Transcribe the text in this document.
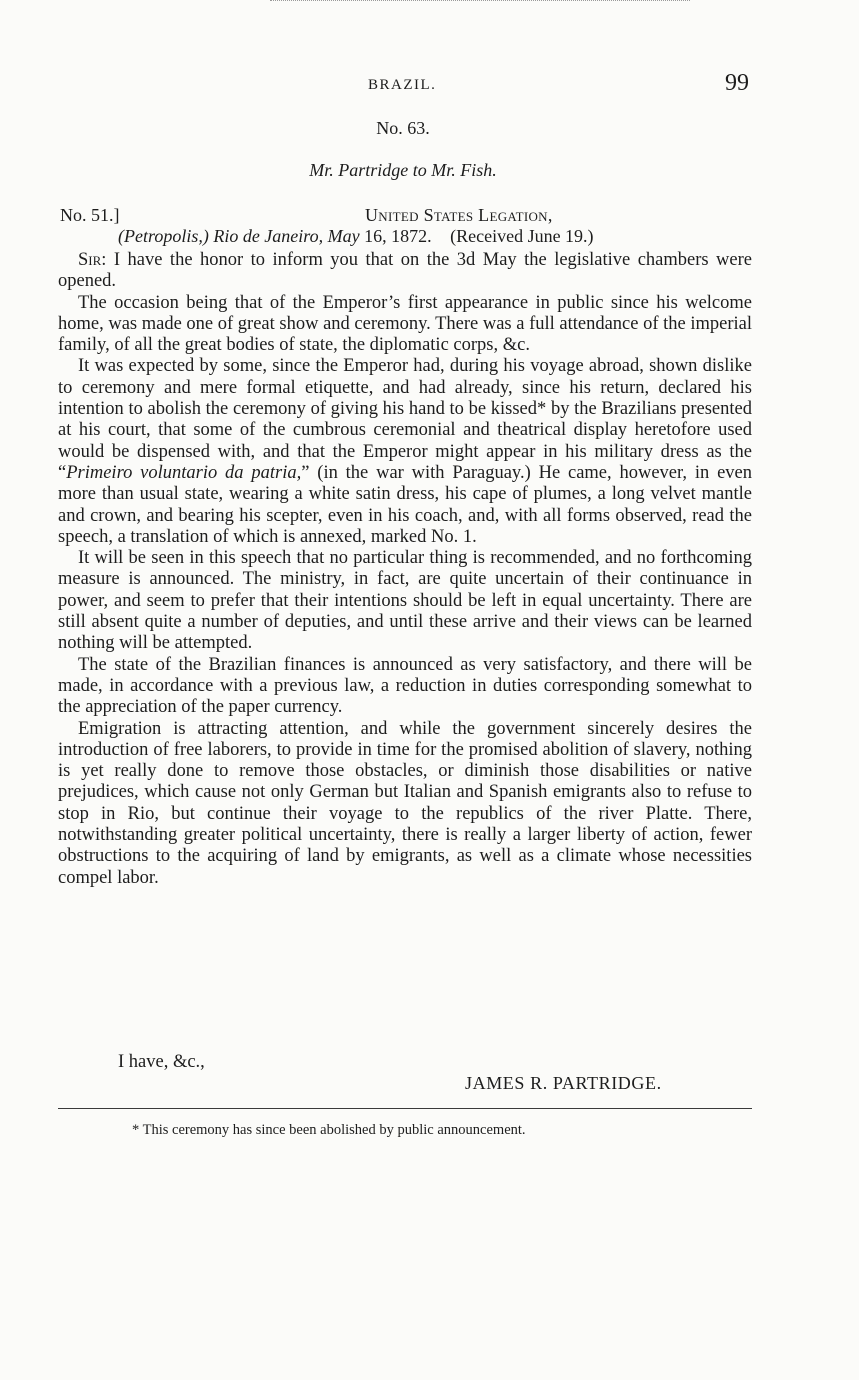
BRAZIL.	99
No. 63.
Mr. Partridge to Mr. Fish.
No. 51.]	United States Legation,
(Petropolis,) Rio de Janeiro, May 16, 1872. (Received June 19.)

Sir: I have the honor to inform you that on the 3d May the legislative chambers were opened.

The occasion being that of the Emperor’s first appearance in public since his welcome home, was made one of great show and ceremony. There was a full attendance of the imperial family, of all the great bodies of state, the diplomatic corps, &c.

It was expected by some, since the Emperor had, during his voyage abroad, shown dislike to ceremony and mere formal etiquette, and had already, since his return, declared his intention to abolish the ceremony of giving his hand to be kissed* by the Brazilians presented at his court, that some of the cumbrous ceremonial and theatrical display heretofore used would be dispensed with, and that the Emperor might appear in his military dress as the “Primeiro voluntario da patria,” (in the war with Paraguay.) He came, however, in even more than usual state, wearing a white satin dress, his cape of plumes, a long velvet mantle and crown, and bearing his scepter, even in his coach, and, with all forms observed, read the speech, a translation of which is annexed, marked No. 1.

It will be seen in this speech that no particular thing is recommended, and no forthcoming measure is announced. The ministry, in fact, are quite uncertain of their continuance in power, and seem to prefer that their intentions should be left in equal uncertainty. There are still absent quite a number of deputies, and until these arrive and their views can be learned nothing will be attempted.

The state of the Brazilian finances is announced as very satisfactory, and there will be made, in accordance with a previous law, a reduction in duties corresponding somewhat to the appreciation of the paper currency.

Emigration is attracting attention, and while the government sincerely desires the introduction of free laborers, to provide in time for the promised abolition of slavery, nothing is yet really done to remove those obstacles, or diminish those disabilities or native prejudices, which cause not only German but Italian and Spanish emigrants also to refuse to stop in Rio, but continue their voyage to the republics of the river Platte. There, notwithstanding greater political uncertainty, there is really a larger liberty of action, fewer obstructions to the acquiring of land by emigrants, as well as a climate whose necessities compel labor.

I have, &c.,
JAMES R. PARTRIDGE.
* This ceremony has since been abolished by public announcement.
